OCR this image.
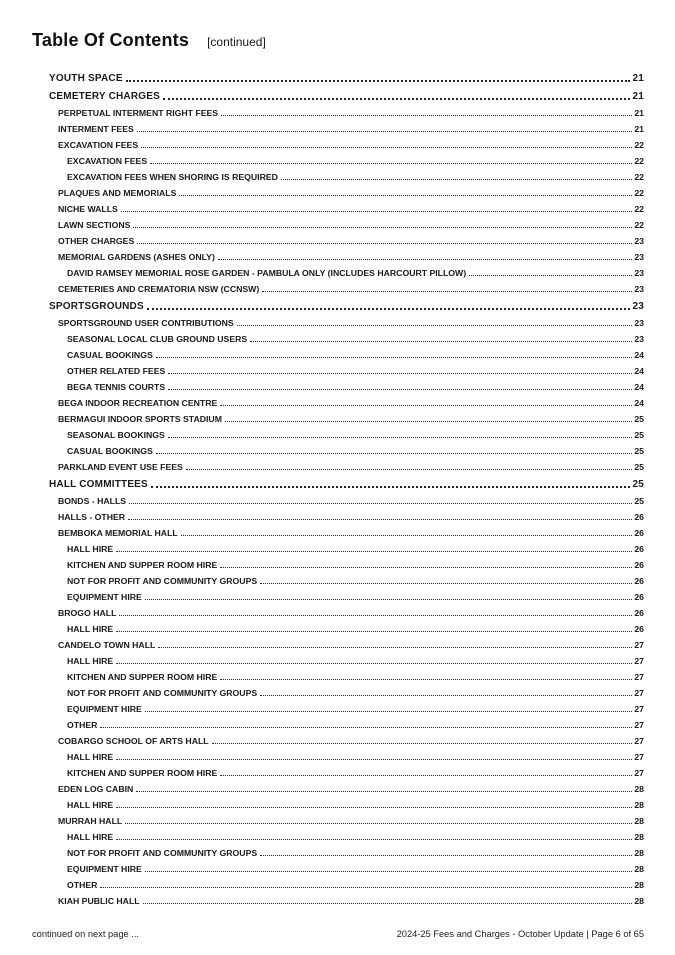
Table Of Contents [continued]
YOUTH SPACE	21
CEMETERY CHARGES	21
PERPETUAL INTERMENT RIGHT FEES	21
INTERMENT FEES	21
EXCAVATION FEES	22
EXCAVATION FEES	22
EXCAVATION FEES WHEN SHORING IS REQUIRED	22
PLAQUES AND MEMORIALS	22
NICHE WALLS	22
LAWN SECTIONS	22
OTHER CHARGES	23
MEMORIAL GARDENS (ASHES ONLY)	23
DAVID RAMSEY MEMORIAL ROSE GARDEN - PAMBULA ONLY (INCLUDES HARCOURT PILLOW)	23
CEMETERIES AND CREMATORIA NSW (CCNSW)	23
SPORTSGROUNDS	23
SPORTSGROUND USER CONTRIBUTIONS	23
SEASONAL LOCAL CLUB GROUND USERS	23
CASUAL BOOKINGS	24
OTHER RELATED FEES	24
BEGA TENNIS COURTS	24
BEGA INDOOR RECREATION CENTRE	24
BERMAGUI INDOOR SPORTS STADIUM	25
SEASONAL BOOKINGS	25
CASUAL BOOKINGS	25
PARKLAND EVENT USE FEES	25
HALL COMMITTEES	25
BONDS - HALLS	25
HALLS - OTHER	26
BEMBOKA MEMORIAL HALL	26
HALL HIRE	26
KITCHEN AND SUPPER ROOM HIRE	26
NOT FOR PROFIT AND COMMUNITY GROUPS	26
EQUIPMENT HIRE	26
BROGO HALL	26
HALL HIRE	26
CANDELO TOWN HALL	27
HALL HIRE	27
KITCHEN AND SUPPER ROOM HIRE	27
NOT FOR PROFIT AND COMMUNITY GROUPS	27
EQUIPMENT HIRE	27
OTHER	27
COBARGO SCHOOL OF ARTS HALL	27
HALL HIRE	27
KITCHEN AND SUPPER ROOM HIRE	27
EDEN LOG CABIN	28
HALL HIRE	28
MURRAH HALL	28
HALL HIRE	28
NOT FOR PROFIT AND COMMUNITY GROUPS	28
EQUIPMENT HIRE	28
OTHER	28
KIAH PUBLIC HALL	28
continued on next page ...	2024-25 Fees and Charges - October Update | Page 6 of 65
